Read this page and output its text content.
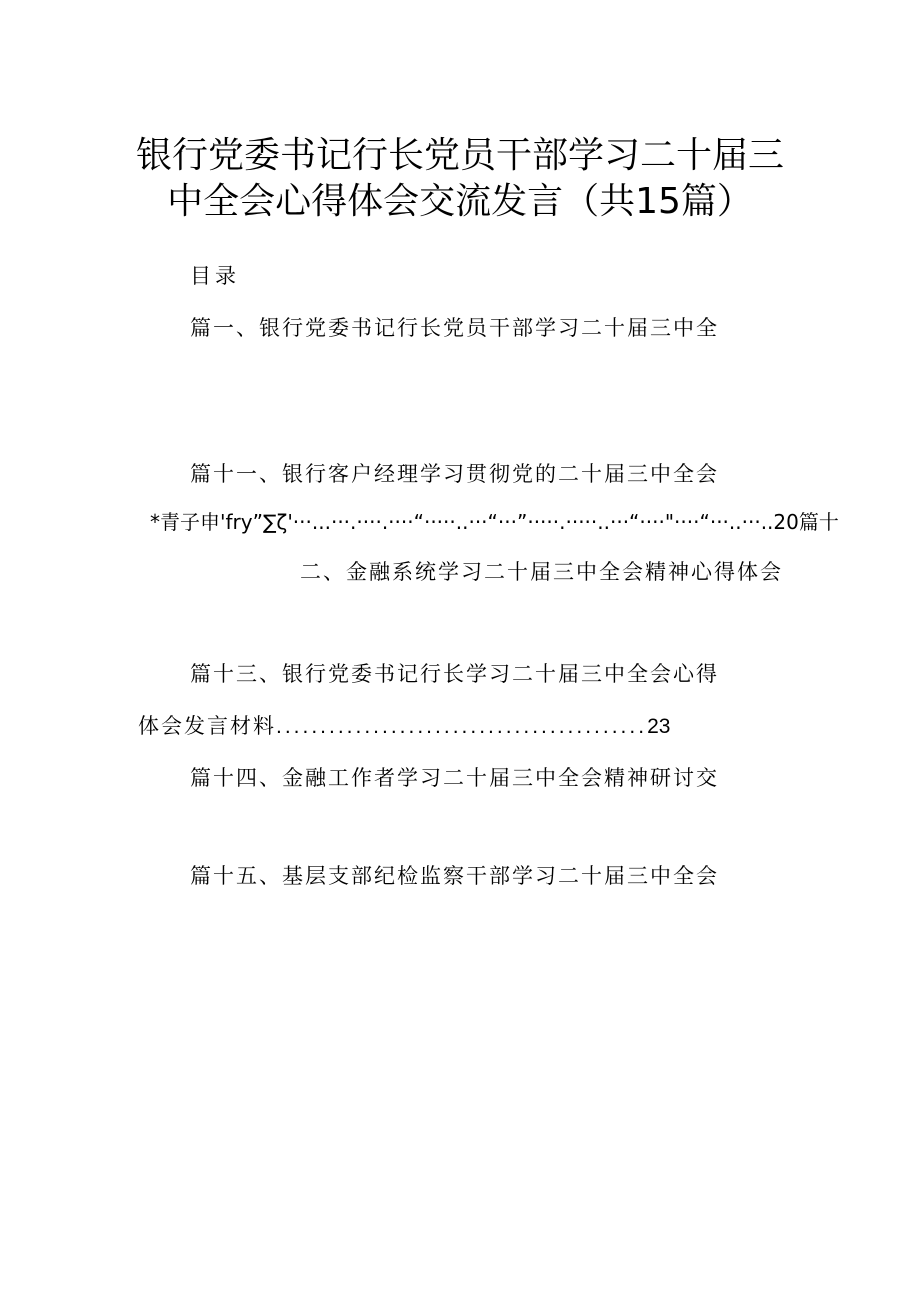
银行党委书记行长党员干部学习二十届三
中全会心得体会交流发言（共15篇）
目录
篇一、银行党委书记行长党员干部学习二十届三中全
篇十一、银行客户经理学习贯彻党的二十届三中全会
*青子申'fry”∑ζ'···...···.····.····“·····..···“···”·····.·····..···“····"····“···..···..20篇十
二、金融系统学习二十届三中全会精神心得体会
篇十三、银行党委书记行长学习二十届三中全会心得
体会发言材料..........................................23
篇十四、金融工作者学习二十届三中全会精神研讨交
篇十五、基层支部纪检监察干部学习二十届三中全会
